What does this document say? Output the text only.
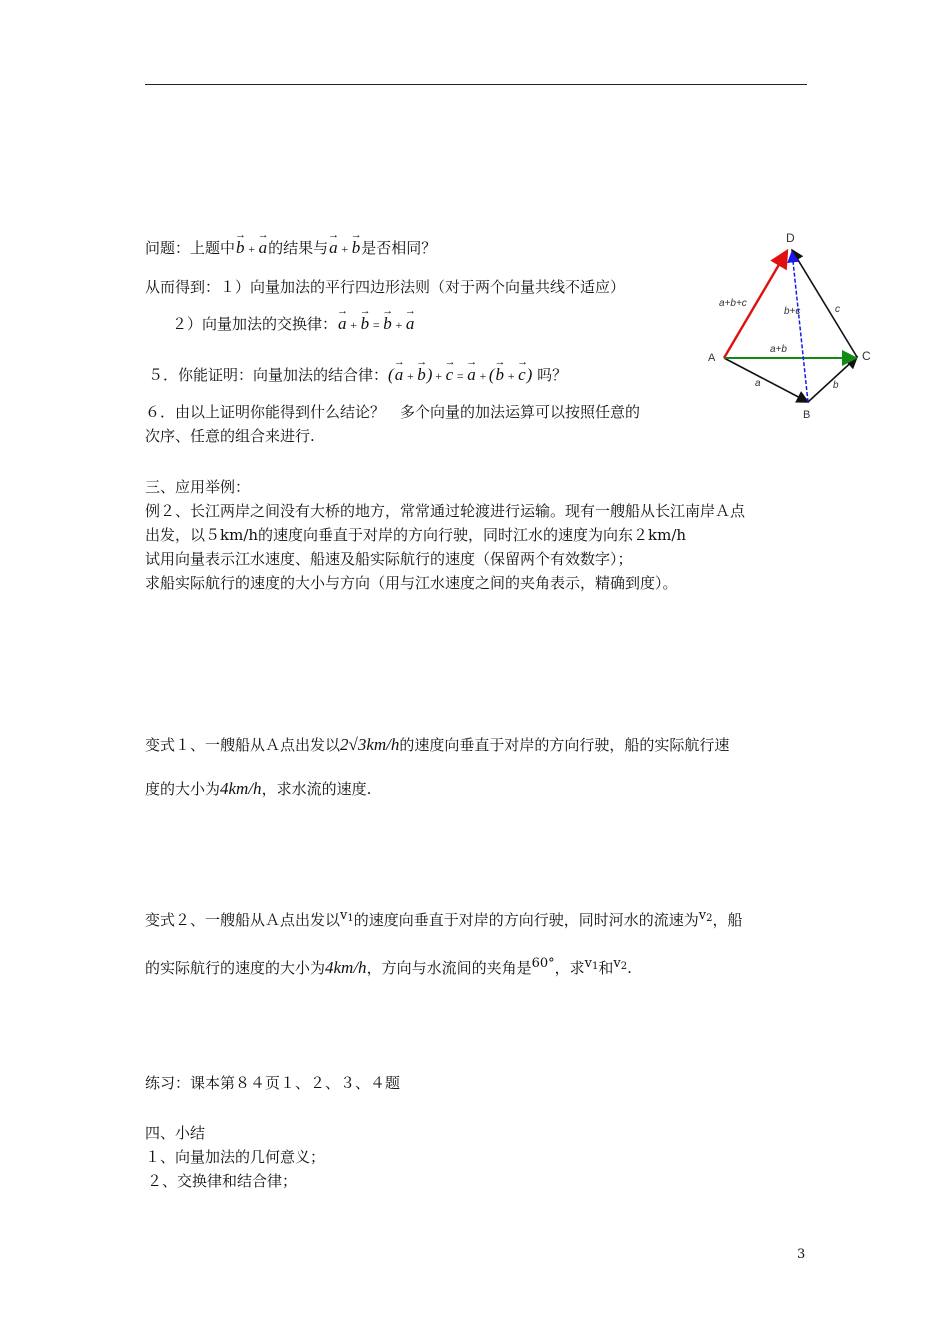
问题：上题中→ b + → a的结果与→ a + → b是否相同？
从而得到：１）向量加法的平行四边形法则（对于两个向量共线不适应）
２）向量加法的交换律：→ a + → b = → b + → a
５．你能证明：向量加法的结合律：(→ a + → b) + → c = → a + (→ b + → c) 吗？
６．由以上证明你能得到什么结论？　多个向量的加法运算可以按照任意的
次序、任意的组合来进行.
三、应用举例：
例２、长江两岸之间没有大桥的地方，常常通过轮渡进行运输。现有一艘船从长江南岸Ａ点
出发，以５km/h的速度向垂直于对岸的方向行驶，同时江水的速度为向东２km/h
试用向量表示江水速度、船速及船实际航行的速度（保留两个有效数字）；
求船实际航行的速度的大小与方向（用与江水速度之间的夹角表示，精确到度）。
变式１、一艘船从Ａ点出发以2√3km/h的速度向垂直于对岸的方向行驶，船的实际航行速
度的大小为4km/h，求水流的速度.
变式２、一艘船从Ａ点出发以$v_1$的速度向垂直于对岸的方向行驶，同时河水的流速为$v_2$，船
的实际航行的速度的大小为4km/h，方向与水流间的夹角是60°，求$v_1$和$v_2$.
练习：课本第８４页１、２、３、４题
四、小结
１、向量加法的几何意义；
２、交换律和结合律；
3
D
A	C
B
a+b+c
b+c	c
a+b
a	b
